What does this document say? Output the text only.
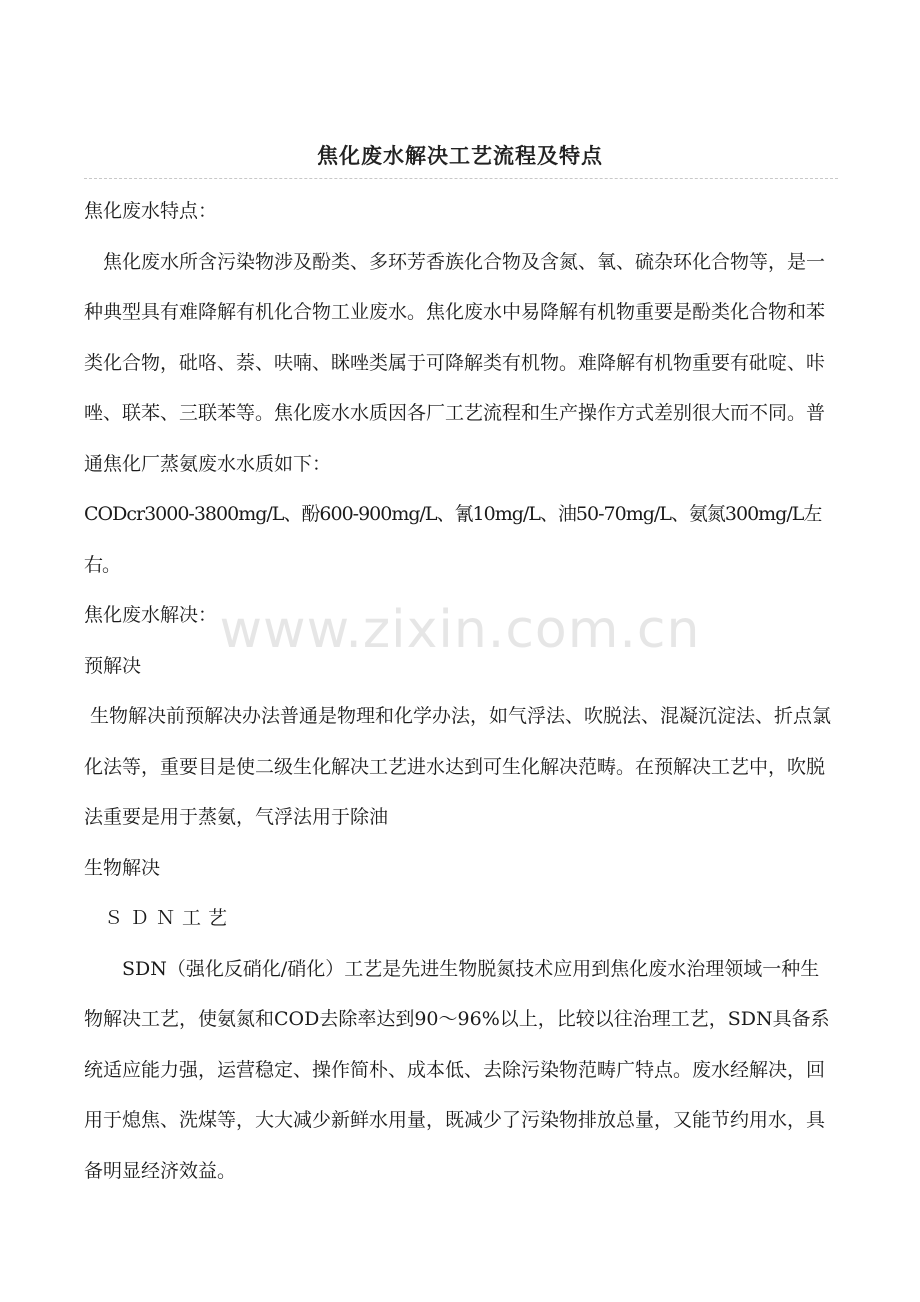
焦化废水解决工艺流程及特点

焦化废水特点：

焦化废水所含污染物涉及酚类、多环芳香族化合物及含氮、氧、硫杂环化合物等，是一种典型具有难降解有机化合物工业废水。焦化废水中易降解有机物重要是酚类化合物和苯类化合物，砒咯、萘、呋喃、眯唑类属于可降解类有机物。难降解有机物重要有砒啶、咔唑、联苯、三联苯等。焦化废水水质因各厂工艺流程和生产操作方式差别很大而不同。普通焦化厂蒸氨废水水质如下：

CODcr3000-3800mg/L、酚600-900mg/L、氰10mg/L、油50-70mg/L、氨氮300mg/L左右。

焦化废水解决：

预解决

生物解决前预解决办法普通是物理和化学办法，如气浮法、吹脱法、混凝沉淀法、折点氯化法等，重要目是使二级生化解决工艺进水达到可生化解决范畴。在预解决工艺中，吹脱法重要是用于蒸氨，气浮法用于除油

生物解决

ＳＤＮ工艺

SDN（强化反硝化/硝化）工艺是先进生物脱氮技术应用到焦化废水治理领域一种生物解决工艺，使氨氮和COD去除率达到90～96%以上，比较以往治理工艺，SDN具备系统适应能力强，运营稳定、操作简朴、成本低、去除污染物范畴广特点。废水经解决，回用于熄焦、洗煤等，大大减少新鲜水用量，既减少了污染物排放总量，又能节约用水，具备明显经济效益。

www.zixin.com.cn
